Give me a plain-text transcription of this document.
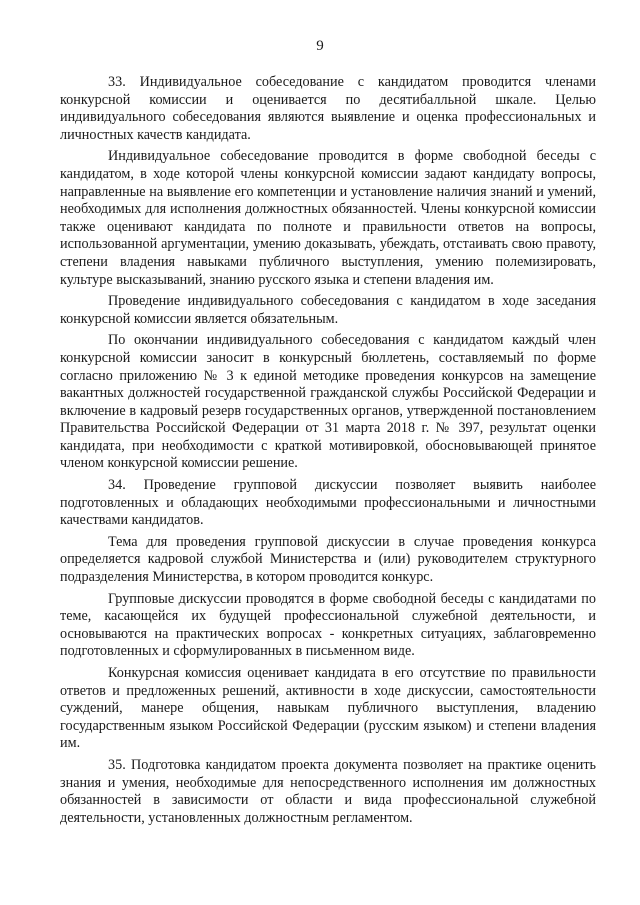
9

33. Индивидуальное собеседование с кандидатом проводится членами конкурсной комиссии и оценивается по десятибалльной шкале. Целью индивидуального собеседования являются выявление и оценка профессиональных и личностных качеств кандидата.

Индивидуальное собеседование проводится в форме свободной беседы с кандидатом, в ходе которой члены конкурсной комиссии задают кандидату вопросы, направленные на выявление его компетенции и установление наличия знаний и умений, необходимых для исполнения должностных обязанностей. Члены конкурсной комиссии также оценивают кандидата по полноте и правильности ответов на вопросы, использованной аргументации, умению доказывать, убеждать, отстаивать свою правоту, степени владения навыками публичного выступления, умению полемизировать, культуре высказываний, знанию русского языка и степени владения им.

Проведение индивидуального собеседования с кандидатом в ходе заседания конкурсной комиссии является обязательным.

По окончании индивидуального собеседования с кандидатом каждый член конкурсной комиссии заносит в конкурсный бюллетень, составляемый по форме согласно приложению № 3 к единой методике проведения конкурсов на замещение вакантных должностей государственной гражданской службы Российской Федерации и включение в кадровый резерв государственных органов, утвержденной постановлением Правительства Российской Федерации от 31 марта 2018 г. № 397, результат оценки кандидата, при необходимости с краткой мотивировкой, обосновывающей принятое членом конкурсной комиссии решение.

34. Проведение групповой дискуссии позволяет выявить наиболее подготовленных и обладающих необходимыми профессиональными и личностными качествами кандидатов.

Тема для проведения групповой дискуссии в случае проведения конкурса определяется кадровой службой Министерства и (или) руководителем структурного подразделения Министерства, в котором проводится конкурс.

Групповые дискуссии проводятся в форме свободной беседы с кандидатами по теме, касающейся их будущей профессиональной служебной деятельности, и основываются на практических вопросах - конкретных ситуациях, заблаговременно подготовленных и сформулированных в письменном виде.

Конкурсная комиссия оценивает кандидата в его отсутствие по правильности ответов и предложенных решений, активности в ходе дискуссии, самостоятельности суждений, манере общения, навыкам публичного выступления, владению государственным языком Российской Федерации (русским языком) и степени владения им.

35. Подготовка кандидатом проекта документа позволяет на практике оценить знания и умения, необходимые для непосредственного исполнения им должностных обязанностей в зависимости от области и вида профессиональной служебной деятельности, установленных должностным регламентом.
